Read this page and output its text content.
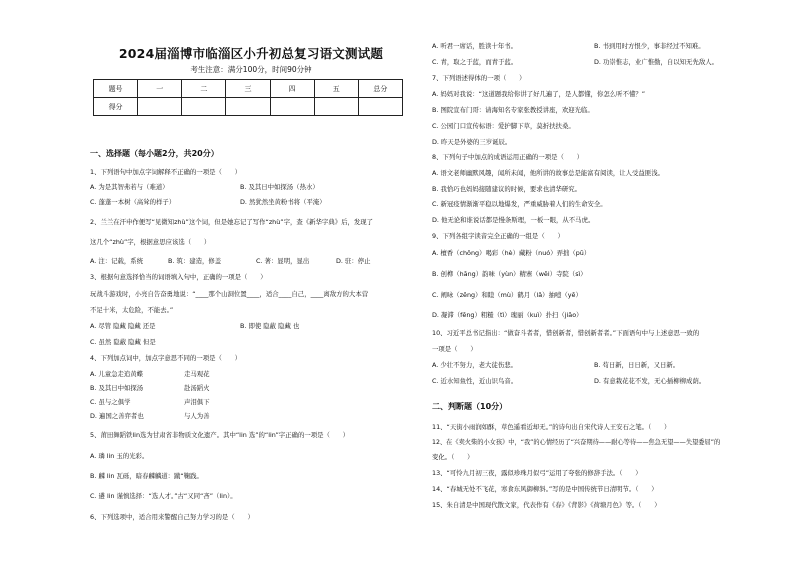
2024届淄博市临淄区小升初总复习语文测试题
考生注意：满分100分，时间90分钟
题号	一	二	三	四	五	总分
得分						
一、选择题（每小题2分，共20分）
1、下列语句中加点字词解释不正确的一项是（　　）
A. 为是其智弗若与（难道）	B. 及其日中如探汤（热水）
C. 蓬蓬一本树（高耸的样子）	D. 然犹然坐黄粉书将（平淹）
2、兰兰在汗申作便写“见微知zhù”这个词，但是她忘记了写作“zhù”字，查《新华字典》后，发现了
这几个“zhù”字，根据意思应该选（　　）
A. 注：记载，系统	B. 筑：建造，修盖	C. 著：显明，显出	D. 驻：停止
3、根据句意选择恰当的词语填入句中，正确的一项是（　　）
玩战斗游戏时，小亮自告奋勇地说：“____那个山洞位置____，适合____自己，____离敌方的大本营
不足十米，太危险，不能去。”
A. 尽管 隐藏 隐藏 还是	B. 即使 隐蔽 隐藏 也
C. 虽然 隐蔽 隐藏 但是
4、下列加点词中，加点字意思不同的一项是（　　）
A. 儿童急走追黄蝶	走马观花
B. 及其日中如探汤	赴汤蹈火
C. 虽与之俱学	声泪俱下
D. 遍国之善弈者也	与人为善
5、莆田舞蹈铁lin选为甘肃省非物质文化遗产。其中“lin 选”的“lin”字正确的一项是（　　）
A. 璘 lin 玉的光彩。
B. 麟 lin 瓦砾，暗春麟麟道：蹴“鞠践。
C. 遴 lin 谨慎选择：“选人才。”古“又同“吝”（lin）。
6、下列选项中，适合用来警醒自己努力学习的是（　　）
A. 听君一席话，胜读十年书。	B. 书到用时方恨少，事非经过不知难。
C. 青，取之于蓝，而青于蓝。	D. 功崇惟志，业广惟勤，自以知无先敌人。
7、下列语述得体的一项（　　）
A. 妈妈对我说：“这道题我给你讲了好几遍了，是人都懂，你怎么听不懂？”
B. 图院宣布门哥：请海知名专家张教授讲座，欢迎光临。
C. 公园门口宣传标语：爱护脚下草，莫折扶扶桑。
D. 昨天是外婆的三岁诞辰。
8、下列句子中加点的成语运用正确的一项是（　　）
A. 语文老师幽默风趣，闻所未闻，他所讲的故事总是能富有阅读，让人受益匪浅。
B. 我恰巧也妈妈接随建议的时候，要求也清华研究。
C. 新冠疫情渐渐平稳以地爆发，严重威胁着人们的生命安全。
D. 他无论和谁说话都是慢条斯理，一板一眼，从不马虎。
9、下列各组字读音完全正确的一组是（　　）
A. 檀香（chǒng）喝彩（hè）藏粉（nuó）弄拙（pū）
B. 创榫（hāng）韵味（yùn）精寨（wēi）寺院（sì）
C. 阐咏（zēng）和睦（mù）鹤月（lǎ）抽噎（yē）
D. 凝滞（fēng）粗糙（tì）瑰丽（kuì）扑扫（jiāo）
10、习近平总书记指出：“做奋斗者者，惜创新者，惜创新者者。”下面语句中与上述意思一致的
一项是（　　）
A. 少壮不努力，老大徒伤悲。	B. 苟日新，日日新，又日新。
C. 近水知鱼性，近山识鸟音。	D. 有意栽花花不发，无心插柳柳成荫。
二、判断题（10分）
11、“天街小雨润如酥，草色遥看近却无。”的诗句出自宋代诗人王安石之笔。（　　）
12、在《卖火柴的小女孩》中，“我”的心情经历了“兴奋期待——耐心等待——焦急无望——失望委屈”的
变化。（　　）
13、“可怜九月初三夜，露似珍珠月似弓”运用了夸张的修辞手法。（　　）
14、“春城无处不飞花，寒食东风御柳斜。”写的是中国传统节日清明节。（　　）
15、朱自清是中国现代散文家，代表作有《春》《背影》《荷塘月色》等。（　　）
